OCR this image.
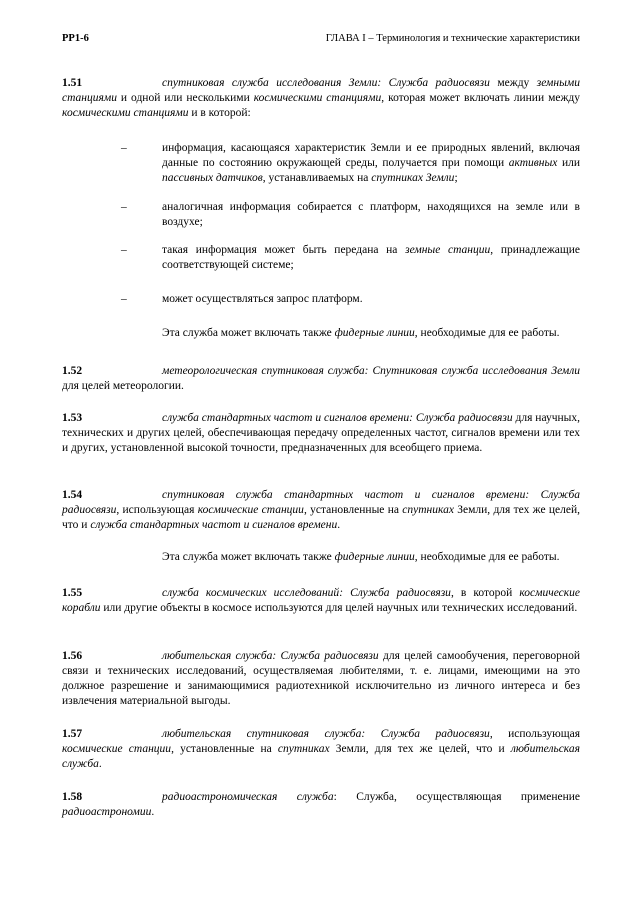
PP1-6	ГЛАВА I – Терминология и технические характеристики
1.51	спутниковая служба исследования Земли: Служба радиосвязи между земными станциями и одной или несколькими космическими станциями, которая может включать линии между космическими станциями и в которой:
–	информация, касающаяся характеристик Земли и ее природных явлений, включая данные по состоянию окружающей среды, получается при помощи активных или пассивных датчиков, устанавливаемых на спутниках Земли;
–	аналогичная информация собирается с платформ, находящихся на земле или в воздухе;
–	такая информация может быть передана на земные станции, принадлежащие соответствующей системе;
–	может осуществляться запрос платформ.
Эта служба может включать также фидерные линии, необходимые для ее работы.
1.52	метеорологическая спутниковая служба: Спутниковая служба исследования Земли для целей метеорологии.
1.53	служба стандартных частот и сигналов времени: Служба радиосвязи для научных, технических и других целей, обеспечивающая передачу определенных частот, сигналов времени или тех и других, установленной высокой точности, предназначенных для всеобщего приема.
1.54	спутниковая служба стандартных частот и сигналов времени: Служба радиосвязи, использующая космические станции, установленные на спутниках Земли, для тех же целей, что и служба стандартных частот и сигналов времени.
Эта служба может включать также фидерные линии, необходимые для ее работы.
1.55	служба космических исследований: Служба радиосвязи, в которой космические корабли или другие объекты в космосе используются для целей научных или технических исследований.
1.56	любительская служба: Служба радиосвязи для целей самообучения, переговорной связи и технических исследований, осуществляемая любителями, т. е. лицами, имеющими на это должное разрешение и занимающимися радиотехникой исключительно из личного интереса и без извлечения материальной выгоды.
1.57	любительская спутниковая служба: Служба радиосвязи, использующая космические станции, установленные на спутниках Земли, для тех же целей, что и любительская служба.
1.58	радиоастрономическая служба: Служба, осуществляющая применение радиоастрономии.
